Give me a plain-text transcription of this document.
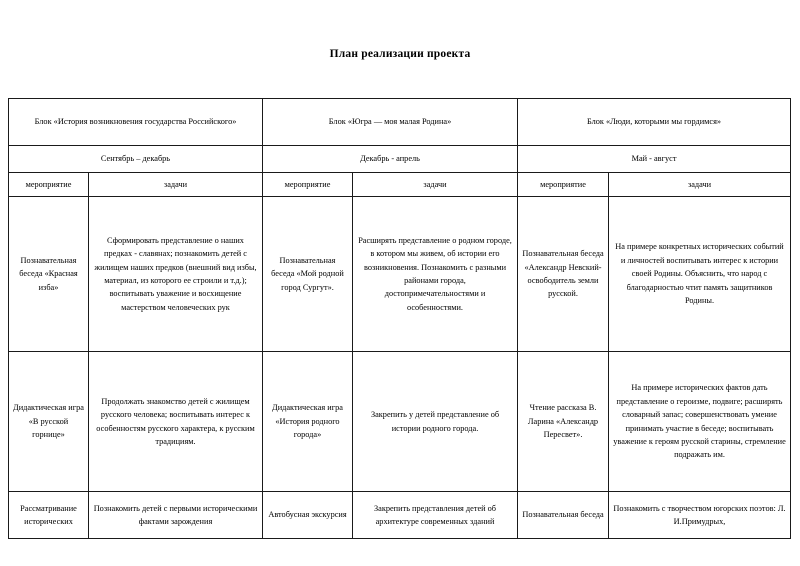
План реализации проекта
Блок «История возникновения государства Российского»		Блок «Югра — моя малая Родина»		Блок «Люди, которыми мы гордимся»	

Сентябрь – декабрь		Декабрь - апрель		Май - август	

мероприятие	задачи	мероприятие	задачи	мероприятие	задачи

Познавательная беседа «Красная изба»	Сформировать представление о наших предках - славянах; познакомить детей с жилищем наших предков (внешний вид избы, материал, из которого ее строили и т.д.); воспитывать уважение и восхищение мастерством человеческих рук	Познавательная беседа «Мой родной город Сургут».	Расширять представление о родном городе, в котором мы живем, об истории его возникновения. Познакомить с разными районами города, достопримечательностями и особенностями.	Познавательная беседа «Александр Невский-освободитель земли русской.	На примере конкретных исторических событий и личностей воспитывать интерес к истории своей Родины. Объяснить, что народ с благодарностью чтит память защитников Родины.

Дидактическая игра «В русской горнице»	Продолжать знакомство детей с жилищем русского человека; воспитывать интерес к особенностям русского характера, к русским традициям.	Дидактическая игра «История родного города»	Закрепить у детей представление об истории родного города.	Чтение рассказа В. Ларина «Александр Пересвет».	На примере исторических фактов дать представление о героизме, подвиге; расширять словарный запас; совершенствовать умение принимать участие в беседе; воспитывать уважение к героям русской старины, стремление подражать им.

Рассматривание исторических	Познакомить детей с первыми историческими фактами зарождения	Автобусная экскурсия	Закрепить представления детей об архитектуре современных зданий	Познавательная беседа	Познакомить с творчеством югорских поэтов: Л. И.Примудрых,
